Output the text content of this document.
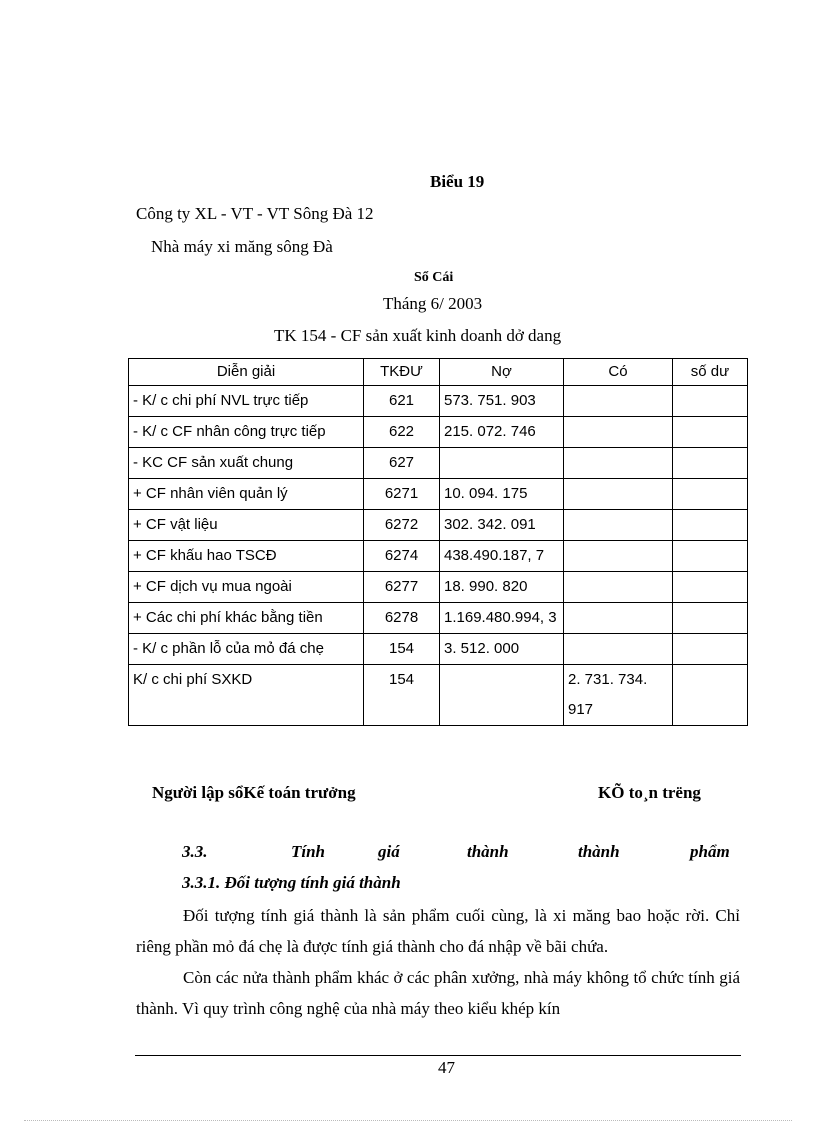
Biểu 19
Công ty XL - VT - VT Sông Đà 12
Nhà máy xi măng sông Đà
Sổ Cái
Tháng 6/ 2003
TK 154 - CF sản xuất kinh doanh dở dang
Diễn giải	TKĐƯ	Nợ	Có	số dư
- K/ c chi phí NVL trực tiếp	621	573. 751. 903		
- K/ c CF nhân công trực tiếp	622	215. 072. 746		
- KC CF sản xuất chung	627			
+ CF nhân viên quản lý	6271	10. 094. 175		
+ CF vật liệu	6272	302. 342. 091		
+ CF khấu hao TSCĐ	6274	438.490.187, 7		
+ CF dịch vụ mua ngoài	6277	18. 990. 820		
+ Các chi phí khác bằng tiền	6278	1.169.480.994, 3		
- K/ c phần lỗ của mỏ đá chẹ	154	3. 512. 000		
K/ c chi phí SXKD	154		2. 731. 734. 917	
Người lập sổKế toán trưởng	KÕ to¸n trëng
3.3.	Tính	giá	thành	thành	phẩm
3.3.1. Đối tượng tính giá thành
Đối tượng tính giá thành là sản phẩm cuối cùng, là xi măng bao hoặc rời. Chỉ riêng phần mỏ đá chẹ là được tính giá thành cho đá nhập về bãi chứa.
Còn các nửa thành phẩm khác ở các phân xưởng, nhà máy không tổ chức tính giá thành. Vì quy trình công nghệ của nhà máy theo kiểu khép kín
47
